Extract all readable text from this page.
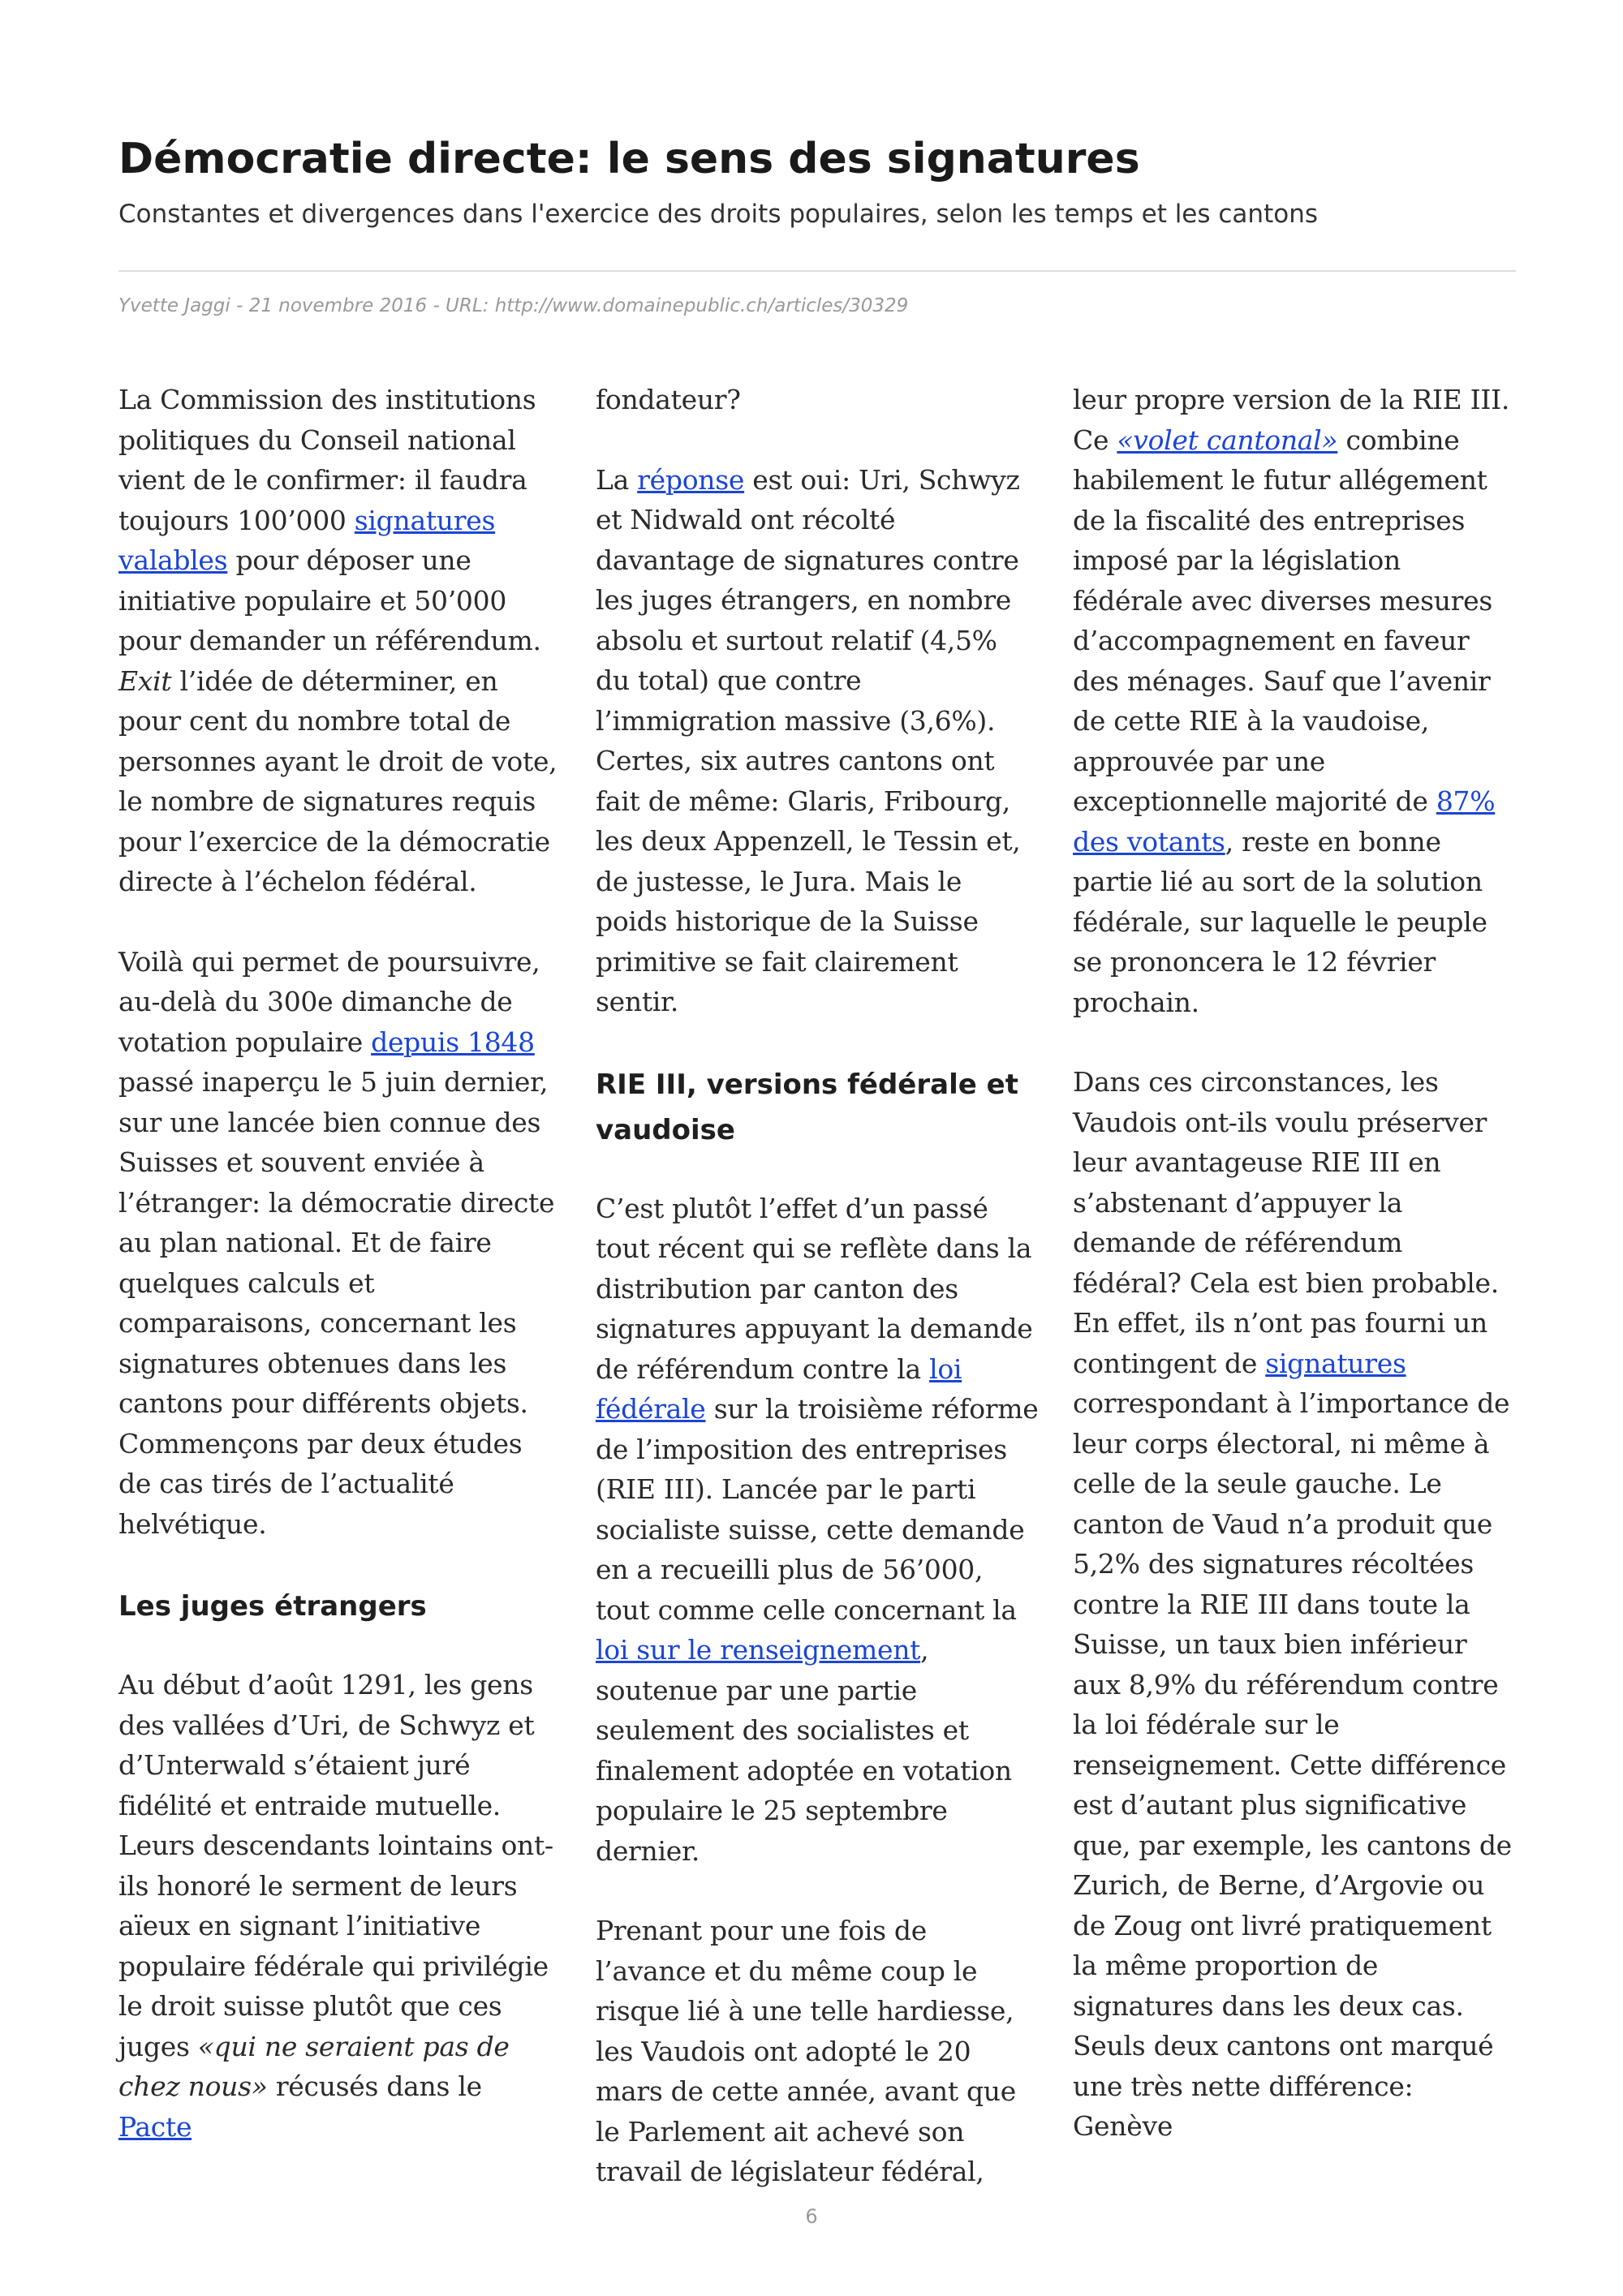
Démocratie directe: le sens des signatures

Constantes et divergences dans l'exercice des droits populaires, selon les temps et les cantons

Yvette Jaggi - 21 novembre 2016 - URL: http://www.domainepublic.ch/articles/30329

La Commission des institutions politiques du Conseil national vient de le confirmer: il faudra toujours 100’000 signatures valables pour déposer une initiative populaire et 50’000 pour demander un référendum. Exit l’idée de déterminer, en pour cent du nombre total de personnes ayant le droit de vote, le nombre de signatures requis pour l’exercice de la démocratie directe à l’échelon fédéral.

Voilà qui permet de poursuivre, au-delà du 300e dimanche de votation populaire depuis 1848 passé inaperçu le 5 juin dernier, sur une lancée bien connue des Suisses et souvent enviée à l’étranger: la démocratie directe au plan national. Et de faire quelques calculs et comparaisons, concernant les signatures obtenues dans les cantons pour différents objets. Commençons par deux études de cas tirés de l’actualité helvétique.

Les juges étrangers

Au début d’août 1291, les gens des vallées d’Uri, de Schwyz et d’Unterwald s’étaient juré fidélité et entraide mutuelle. Leurs descendants lointains ont-ils honoré le serment de leurs aïeux en signant l’initiative populaire fédérale qui privilégie le droit suisse plutôt que ces juges «qui ne seraient pas de chez nous» récusés dans le Pacte

fondateur?

La réponse est oui: Uri, Schwyz et Nidwald ont récolté davantage de signatures contre les juges étrangers, en nombre absolu et surtout relatif (4,5% du total) que contre l’immigration massive (3,6%). Certes, six autres cantons ont fait de même: Glaris, Fribourg, les deux Appenzell, le Tessin et, de justesse, le Jura. Mais le poids historique de la Suisse primitive se fait clairement sentir.

RIE III, versions fédérale et vaudoise

C’est plutôt l’effet d’un passé tout récent qui se reflète dans la distribution par canton des signatures appuyant la demande de référendum contre la loi fédérale sur la troisième réforme de l’imposition des entreprises (RIE III). Lancée par le parti socialiste suisse, cette demande en a recueilli plus de 56’000, tout comme celle concernant la loi sur le renseignement, soutenue par une partie seulement des socialistes et finalement adoptée en votation populaire le 25 septembre dernier.

Prenant pour une fois de l’avance et du même coup le risque lié à une telle hardiesse, les Vaudois ont adopté le 20 mars de cette année, avant que le Parlement ait achevé son travail de législateur fédéral,

leur propre version de la RIE III. Ce «volet cantonal» combine habilement le futur allégement de la fiscalité des entreprises imposé par la législation fédérale avec diverses mesures d’accompagnement en faveur des ménages. Sauf que l’avenir de cette RIE à la vaudoise, approuvée par une exceptionnelle majorité de 87% des votants, reste en bonne partie lié au sort de la solution fédérale, sur laquelle le peuple se prononcera le 12 février prochain.

Dans ces circonstances, les Vaudois ont-ils voulu préserver leur avantageuse RIE III en s’abstenant d’appuyer la demande de référendum fédéral? Cela est bien probable. En effet, ils n’ont pas fourni un contingent de signatures correspondant à l’importance de leur corps électoral, ni même à celle de la seule gauche. Le canton de Vaud n’a produit que 5,2% des signatures récoltées contre la RIE III dans toute la Suisse, un taux bien inférieur aux 8,9% du référendum contre la loi fédérale sur le renseignement. Cette différence est d’autant plus significative que, par exemple, les cantons de Zurich, de Berne, d’Argovie ou de Zoug ont livré pratiquement la même proportion de signatures dans les deux cas. Seuls deux cantons ont marqué une très nette différence: Genève

6
